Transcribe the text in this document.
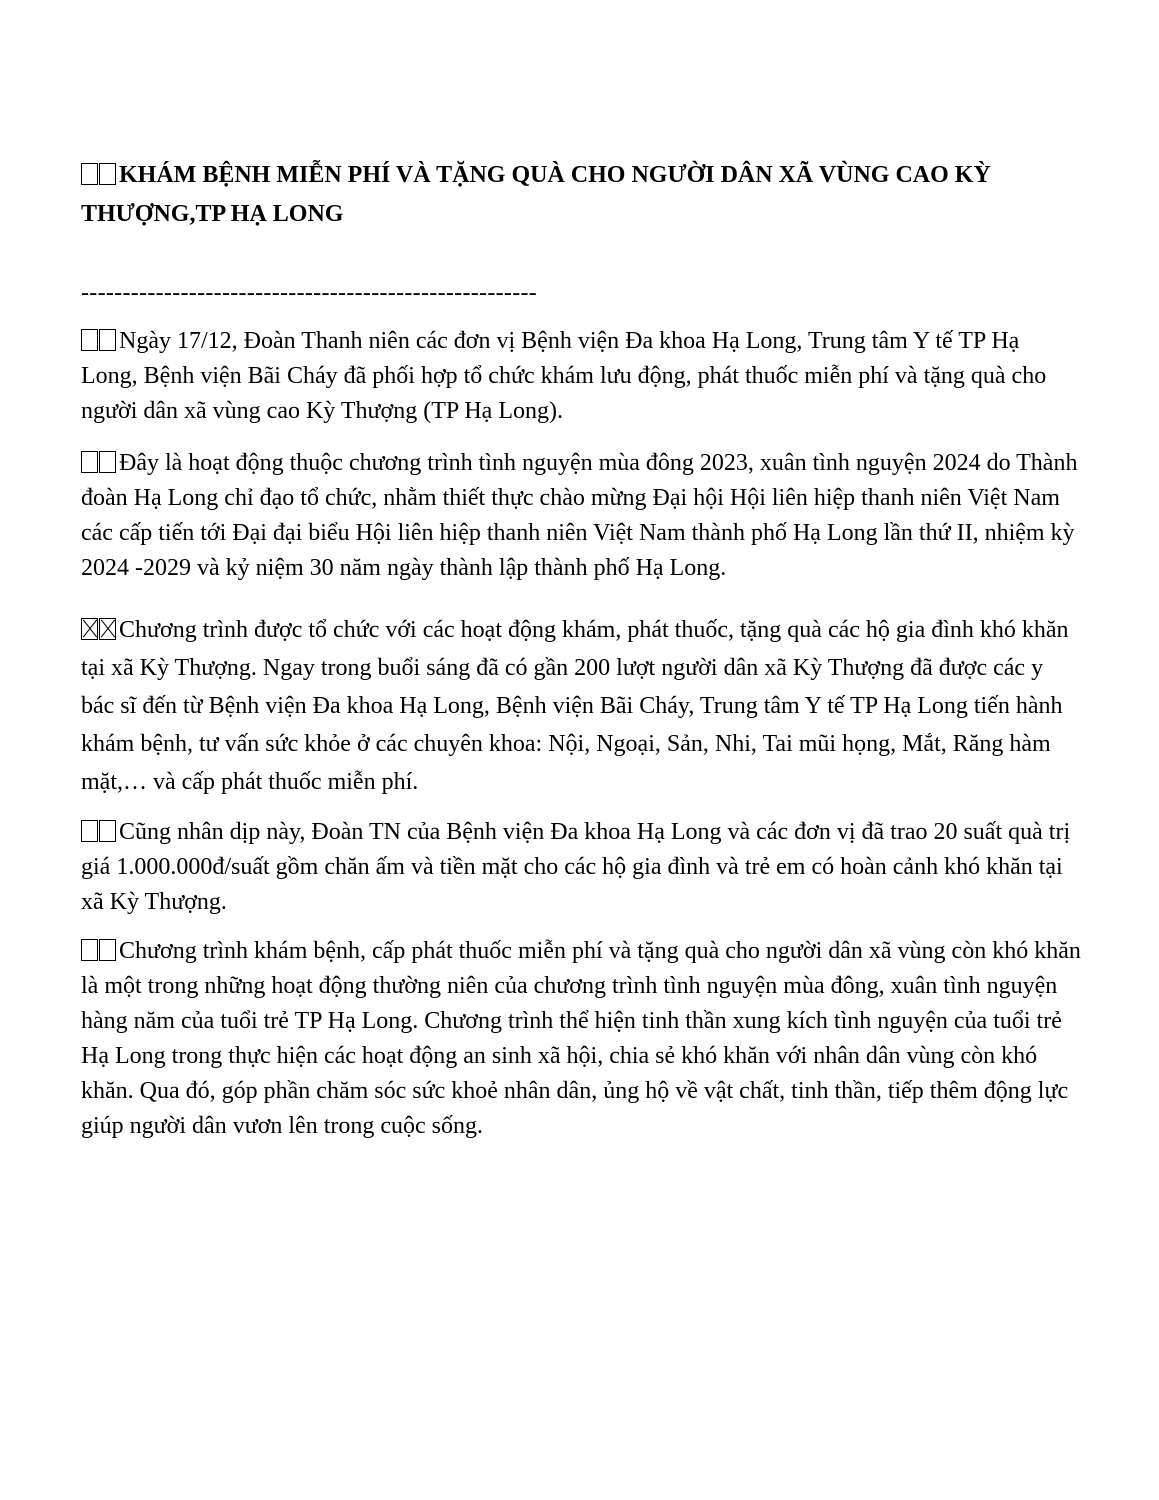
KHÁM BỆNH MIỄN PHÍ VÀ TẶNG QUÀ CHO NGƯỜI DÂN XÃ VÙNG CAO KỲ THƯỢNG,TP HẠ LONG
-------------------------------------------------------

Ngày 17/12, Đoàn Thanh niên các đơn vị Bệnh viện Đa khoa Hạ Long, Trung tâm Y tế TP Hạ Long, Bệnh viện Bãi Cháy đã phối hợp tổ chức khám lưu động, phát thuốc miễn phí và tặng quà cho người dân xã vùng cao Kỳ Thượng (TP Hạ Long).

Đây là hoạt động thuộc chương trình tình nguyện mùa đông 2023, xuân tình nguyện 2024 do Thành đoàn Hạ Long chỉ đạo tổ chức, nhằm thiết thực chào mừng Đại hội Hội liên hiệp thanh niên Việt Nam các cấp tiến tới Đại đại biểu Hội liên hiệp thanh niên Việt Nam thành phố Hạ Long lần thứ II, nhiệm kỳ 2024 -2029 và kỷ niệm 30 năm ngày thành lập thành phố Hạ Long.

Chương trình được tổ chức với các hoạt động khám, phát thuốc, tặng quà các hộ gia đình khó khăn tại xã Kỳ Thượng. Ngay trong buổi sáng đã có gần 200 lượt người dân xã Kỳ Thượng đã được các y bác sĩ đến từ Bệnh viện Đa khoa Hạ Long, Bệnh viện Bãi Cháy, Trung tâm Y tế TP Hạ Long tiến hành khám bệnh, tư vấn sức khỏe ở các chuyên khoa: Nội, Ngoại, Sản, Nhi, Tai mũi họng, Mắt, Răng hàm mặt,… và cấp phát thuốc miễn phí.

Cũng nhân dịp này, Đoàn TN của Bệnh viện Đa khoa Hạ Long và các đơn vị đã trao 20 suất quà trị giá 1.000.000đ/suất gồm chăn ấm và tiền mặt cho các hộ gia đình và trẻ em có hoàn cảnh khó khăn tại xã Kỳ Thượng.

Chương trình khám bệnh, cấp phát thuốc miễn phí và tặng quà cho người dân xã vùng còn khó khăn là một trong những hoạt động thường niên của chương trình tình nguyện mùa đông, xuân tình nguyện hàng năm của tuổi trẻ TP Hạ Long. Chương trình thể hiện tinh thần xung kích tình nguyện của tuổi trẻ Hạ Long trong thực hiện các hoạt động an sinh xã hội, chia sẻ khó khăn với nhân dân vùng còn khó khăn. Qua đó, góp phần chăm sóc sức khoẻ nhân dân, ủng hộ về vật chất, tinh thần, tiếp thêm động lực giúp người dân vươn lên trong cuộc sống.
